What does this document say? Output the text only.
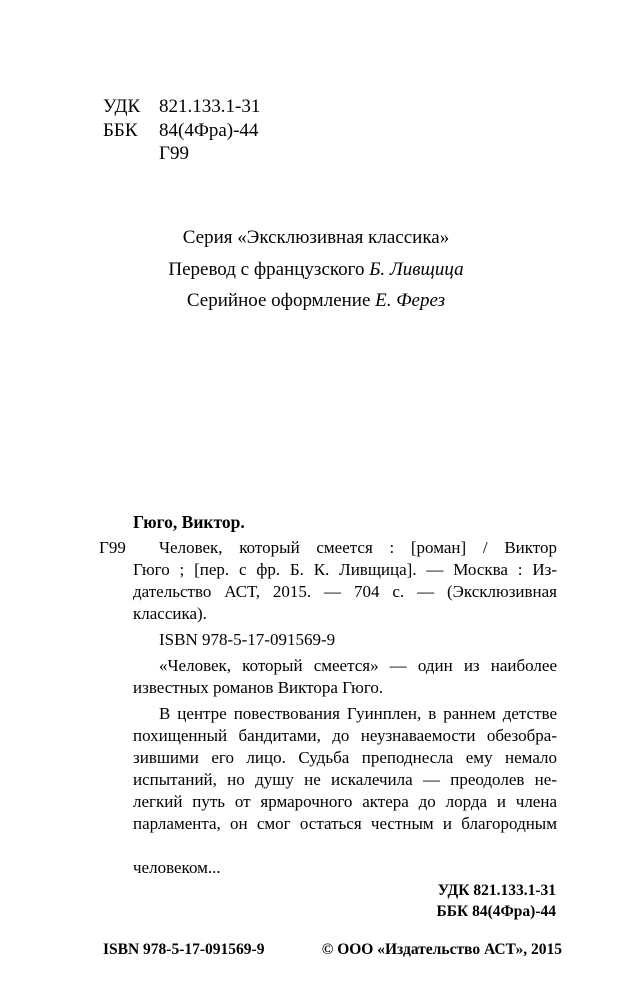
УДК 821.133.1-31
ББК 84(4Фра)-44
Г99
Серия «Эксклюзивная классика»
Перевод с французского Б. Ливщица
Серийное оформление Е. Ферез
Гюго, Виктор.
Г99 Человек, который смеется : [роман] / Виктор
Гюго ; [пер. с фр. Б. К. Ливщица]. — Москва : Из-
дательство АСТ, 2015. — 704 с. — (Эксклюзивная
классика).
ISBN 978-5-17-091569-9
«Человек, который смеется» — один из наиболее
известных романов Виктора Гюго.
В центре повествования Гуинплен, в раннем детстве
похищенный бандитами, до неузнаваемости обезобра-
зившими его лицо. Судьба преподнесла ему немало
испытаний, но душу не искалечила — преодолев не-
легкий путь от ярмарочного актера до лорда и члена
парламента, он смог остаться честным и благородным
человеком...
УДК 821.133.1-31
ББК 84(4Фра)-44
ISBN 978-5-17-091569-9	© ООО «Издательство АСТ», 2015
